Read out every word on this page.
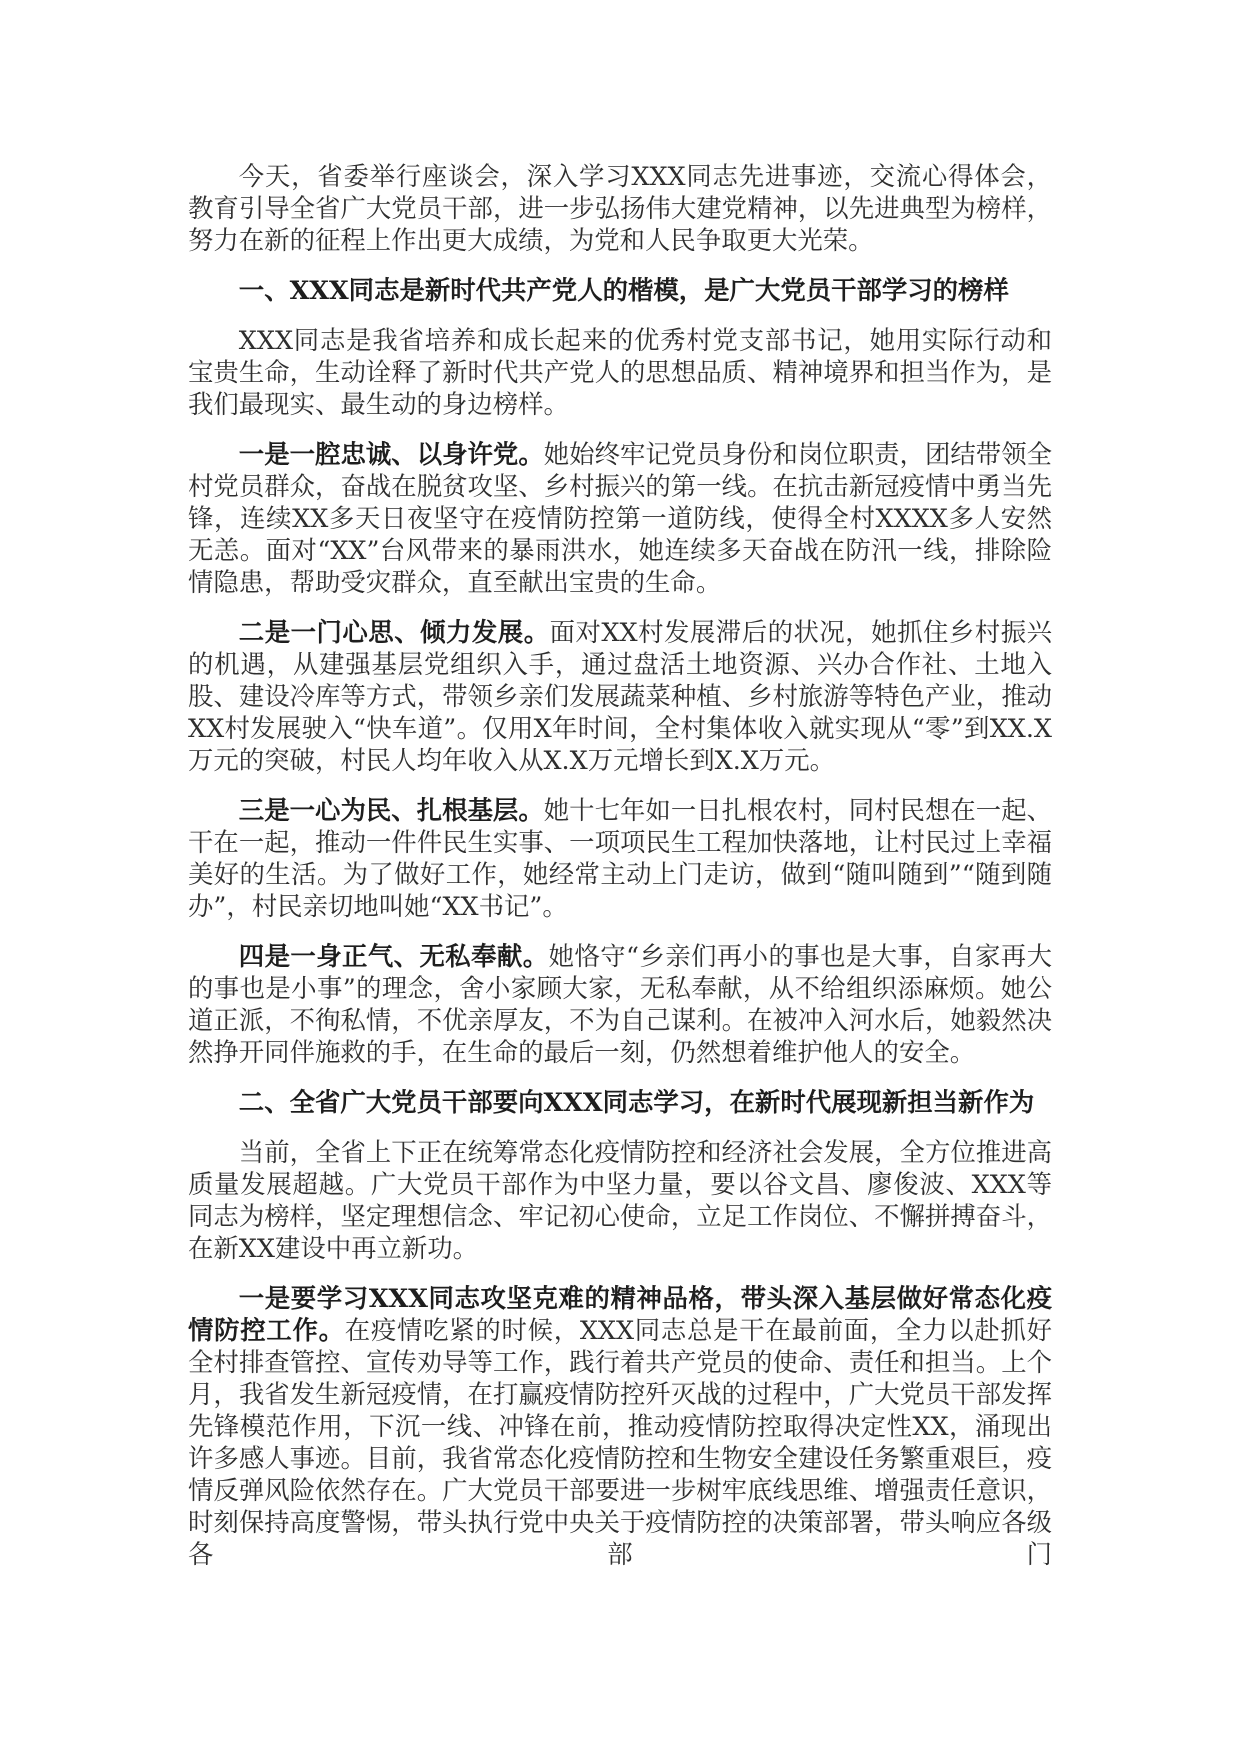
今天，省委举行座谈会，深入学习XXX同志先进事迹，交流心得体会，教育引导全省广大党员干部，进一步弘扬伟大建党精神，以先进典型为榜样，努力在新的征程上作出更大成绩，为党和人民争取更大光荣。

一、XXX同志是新时代共产党人的楷模，是广大党员干部学习的榜样

XXX同志是我省培养和成长起来的优秀村党支部书记，她用实际行动和宝贵生命，生动诠释了新时代共产党人的思想品质、精神境界和担当作为，是我们最现实、最生动的身边榜样。

一是一腔忠诚、以身许党。她始终牢记党员身份和岗位职责，团结带领全村党员群众，奋战在脱贫攻坚、乡村振兴的第一线。在抗击新冠疫情中勇当先锋，连续XX多天日夜坚守在疫情防控第一道防线，使得全村XXXX多人安然无恙。面对“XX”台风带来的暴雨洪水，她连续多天奋战在防汛一线，排除险情隐患，帮助受灾群众，直至献出宝贵的生命。

二是一门心思、倾力发展。面对XX村发展滞后的状况，她抓住乡村振兴的机遇，从建强基层党组织入手，通过盘活土地资源、兴办合作社、土地入股、建设冷库等方式，带领乡亲们发展蔬菜种植、乡村旅游等特色产业，推动XX村发展驶入“快车道”。仅用X年时间，全村集体收入就实现从“零”到XX.X万元的突破，村民人均年收入从X.X万元增长到X.X万元。

三是一心为民、扎根基层。她十七年如一日扎根农村，同村民想在一起、干在一起，推动一件件民生实事、一项项民生工程加快落地，让村民过上幸福美好的生活。为了做好工作，她经常主动上门走访，做到“随叫随到”“随到随办”，村民亲切地叫她“XX书记”。

四是一身正气、无私奉献。她恪守“乡亲们再小的事也是大事，自家再大的事也是小事”的理念，舍小家顾大家，无私奉献，从不给组织添麻烦。她公道正派，不徇私情，不优亲厚友，不为自己谋利。在被冲入河水后，她毅然决然挣开同伴施救的手，在生命的最后一刻，仍然想着维护他人的安全。

二、全省广大党员干部要向XXX同志学习，在新时代展现新担当新作为

当前，全省上下正在统筹常态化疫情防控和经济社会发展，全方位推进高质量发展超越。广大党员干部作为中坚力量，要以谷文昌、廖俊波、XXX等同志为榜样，坚定理想信念、牢记初心使命，立足工作岗位、不懈拼搏奋斗，在新XX建设中再立新功。

一是要学习XXX同志攻坚克难的精神品格，带头深入基层做好常态化疫情防控工作。在疫情吃紧的时候，XXX同志总是干在最前面，全力以赴抓好全村排查管控、宣传劝导等工作，践行着共产党员的使命、责任和担当。上个月，我省发生新冠疫情，在打赢疫情防控歼灭战的过程中，广大党员干部发挥先锋模范作用，下沉一线、冲锋在前，推动疫情防控取得决定性XX，涌现出许多感人事迹。目前，我省常态化疫情防控和生物安全建设任务繁重艰巨，疫情反弹风险依然存在。广大党员干部要进一步树牢底线思维、增强责任意识，时刻保持高度警惕，带头执行党中央关于疫情防控的决策部署，带头响应各级各部门
